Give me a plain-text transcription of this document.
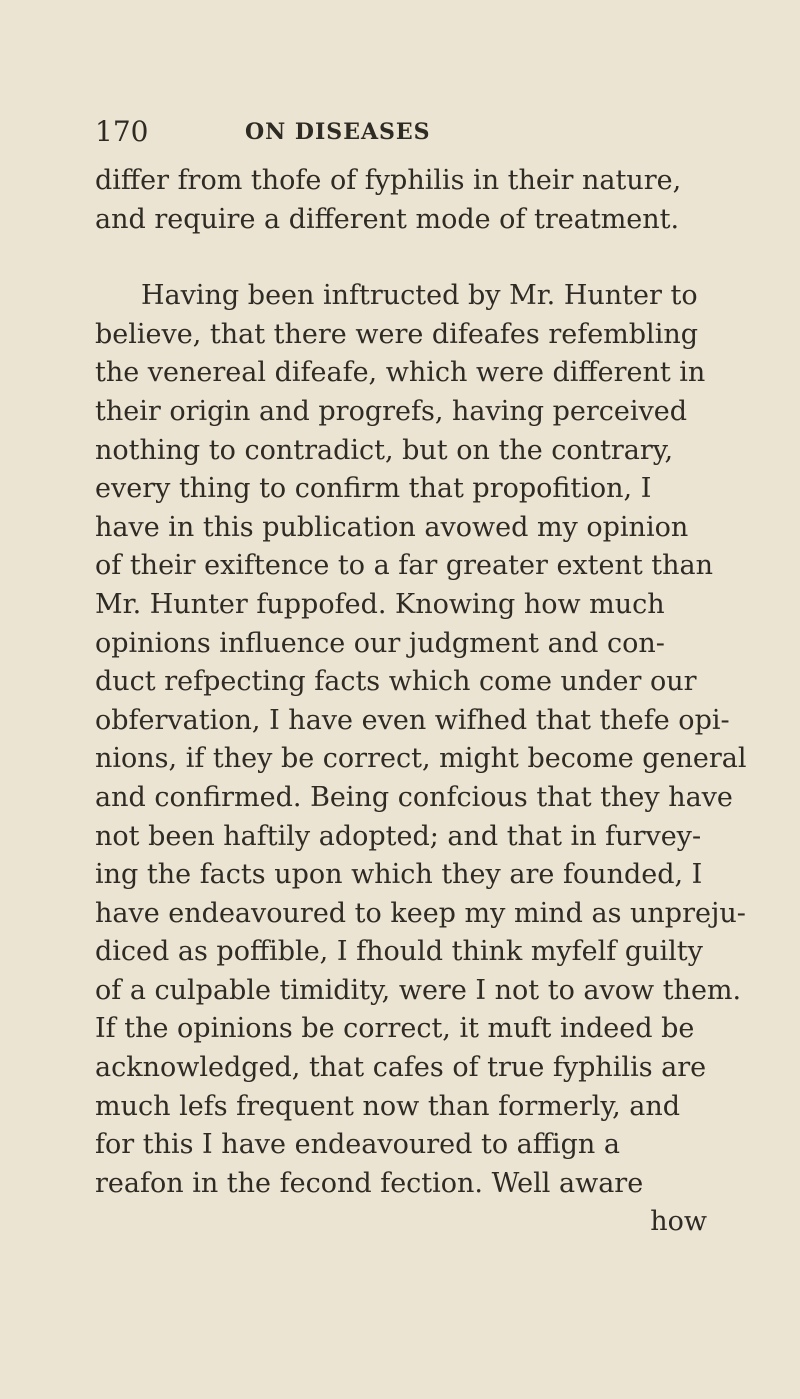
170	ON DISEASES
differ from thofe of fyphilis in their nature,
and require a different mode of treatment.
Having been inftructed by Mr. Hunter to
believe, that there were difeafes refembling
the venereal difeafe, which were different in
their origin and progrefs, having perceived
nothing to contradict, but on the contrary,
every thing to confirm that propofition, I
have in this publication avowed my opinion
of their exiftence to a far greater extent than
Mr. Hunter fuppofed. Knowing how much
opinions influence our judgment and con-
duct refpecting facts which come under our
obfervation, I have even wifhed that thefe opi-
nions, if they be correct, might become general
and confirmed. Being confcious that they have
not been haftily adopted; and that in furvey-
ing the facts upon which they are founded, I
have endeavoured to keep my mind as unpreju-
diced as poffible, I fhould think myfelf guilty
of a culpable timidity, were I not to avow them.
If the opinions be correct, it muft indeed be
acknowledged, that cafes of true fyphilis are
much lefs frequent now than formerly, and
for this I have endeavoured to affign a
reafon in the fecond fection. Well aware
how
